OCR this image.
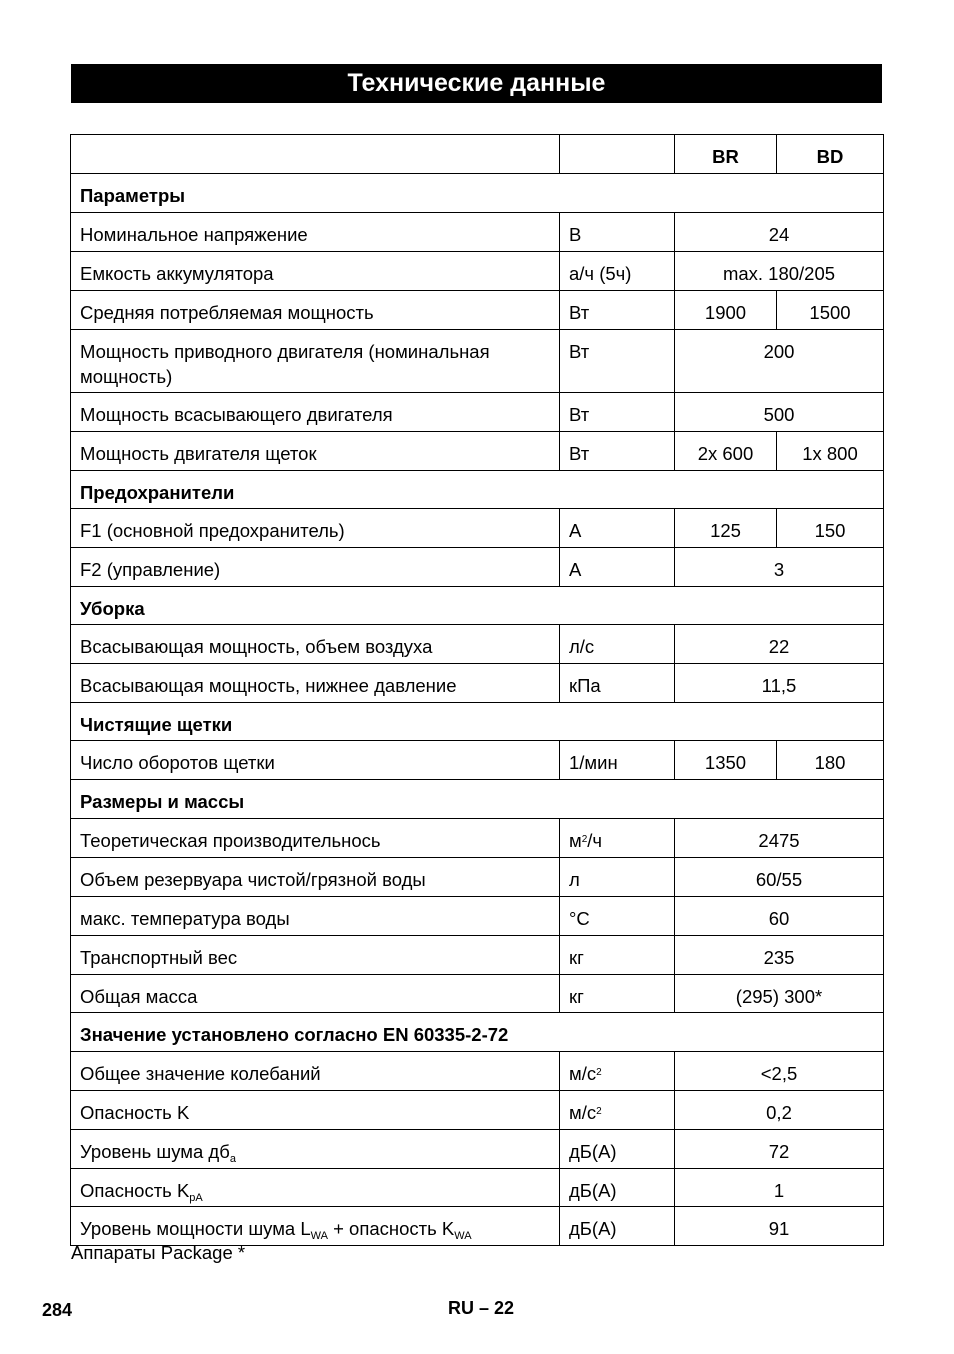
Технические данные
		BR	BD
Параметры			
Номинальное напряжение	В	24	
Емкость аккумулятора	а/ч (5ч)	max. 180/205	
Средняя потребляемая мощность	Вт	1900	1500
Мощность приводного двигателя (номинальная мощность)	Вт	200	
Мощность всасывающего двигателя	Вт	500	
Мощность двигателя щеток	Вт	2x 600	1x 800
Предохранители			
F1 (основной предохранитель)	A	125	150
F2 (управление)	A	3	
Уборка			
Всасывающая мощность, объем воздуха	л/с	22	
Всасывающая мощность, нижнее давление	кПа	11,5	
Чистящие щетки			
Число оборотов щетки	1/мин	1350	180
Размеры и массы			
Теоретическая производительнось	$м^2/ч$	2475	
Объем резервуара чистой/грязной воды	л	60/55	
макс. температура воды	°C	60	
Транспортный вес	кг	235	
Общая масса	кг	(295) 300*	
Значение установлено согласно EN 60335-2-72			
Общее значение колебаний	$м/с^2$	<2,5	
Опасность K	$м/с^2$	0,2	
Уровень шума $дб_a$	дБ(А)	72	
Опасность $K_{pA}$	дБ(А)	1	
Уровень мощности шума $L_{WA}$ + опасность $K_{WA}$	дБ(А)	91	
Аппараты Package *
284	RU – 22
